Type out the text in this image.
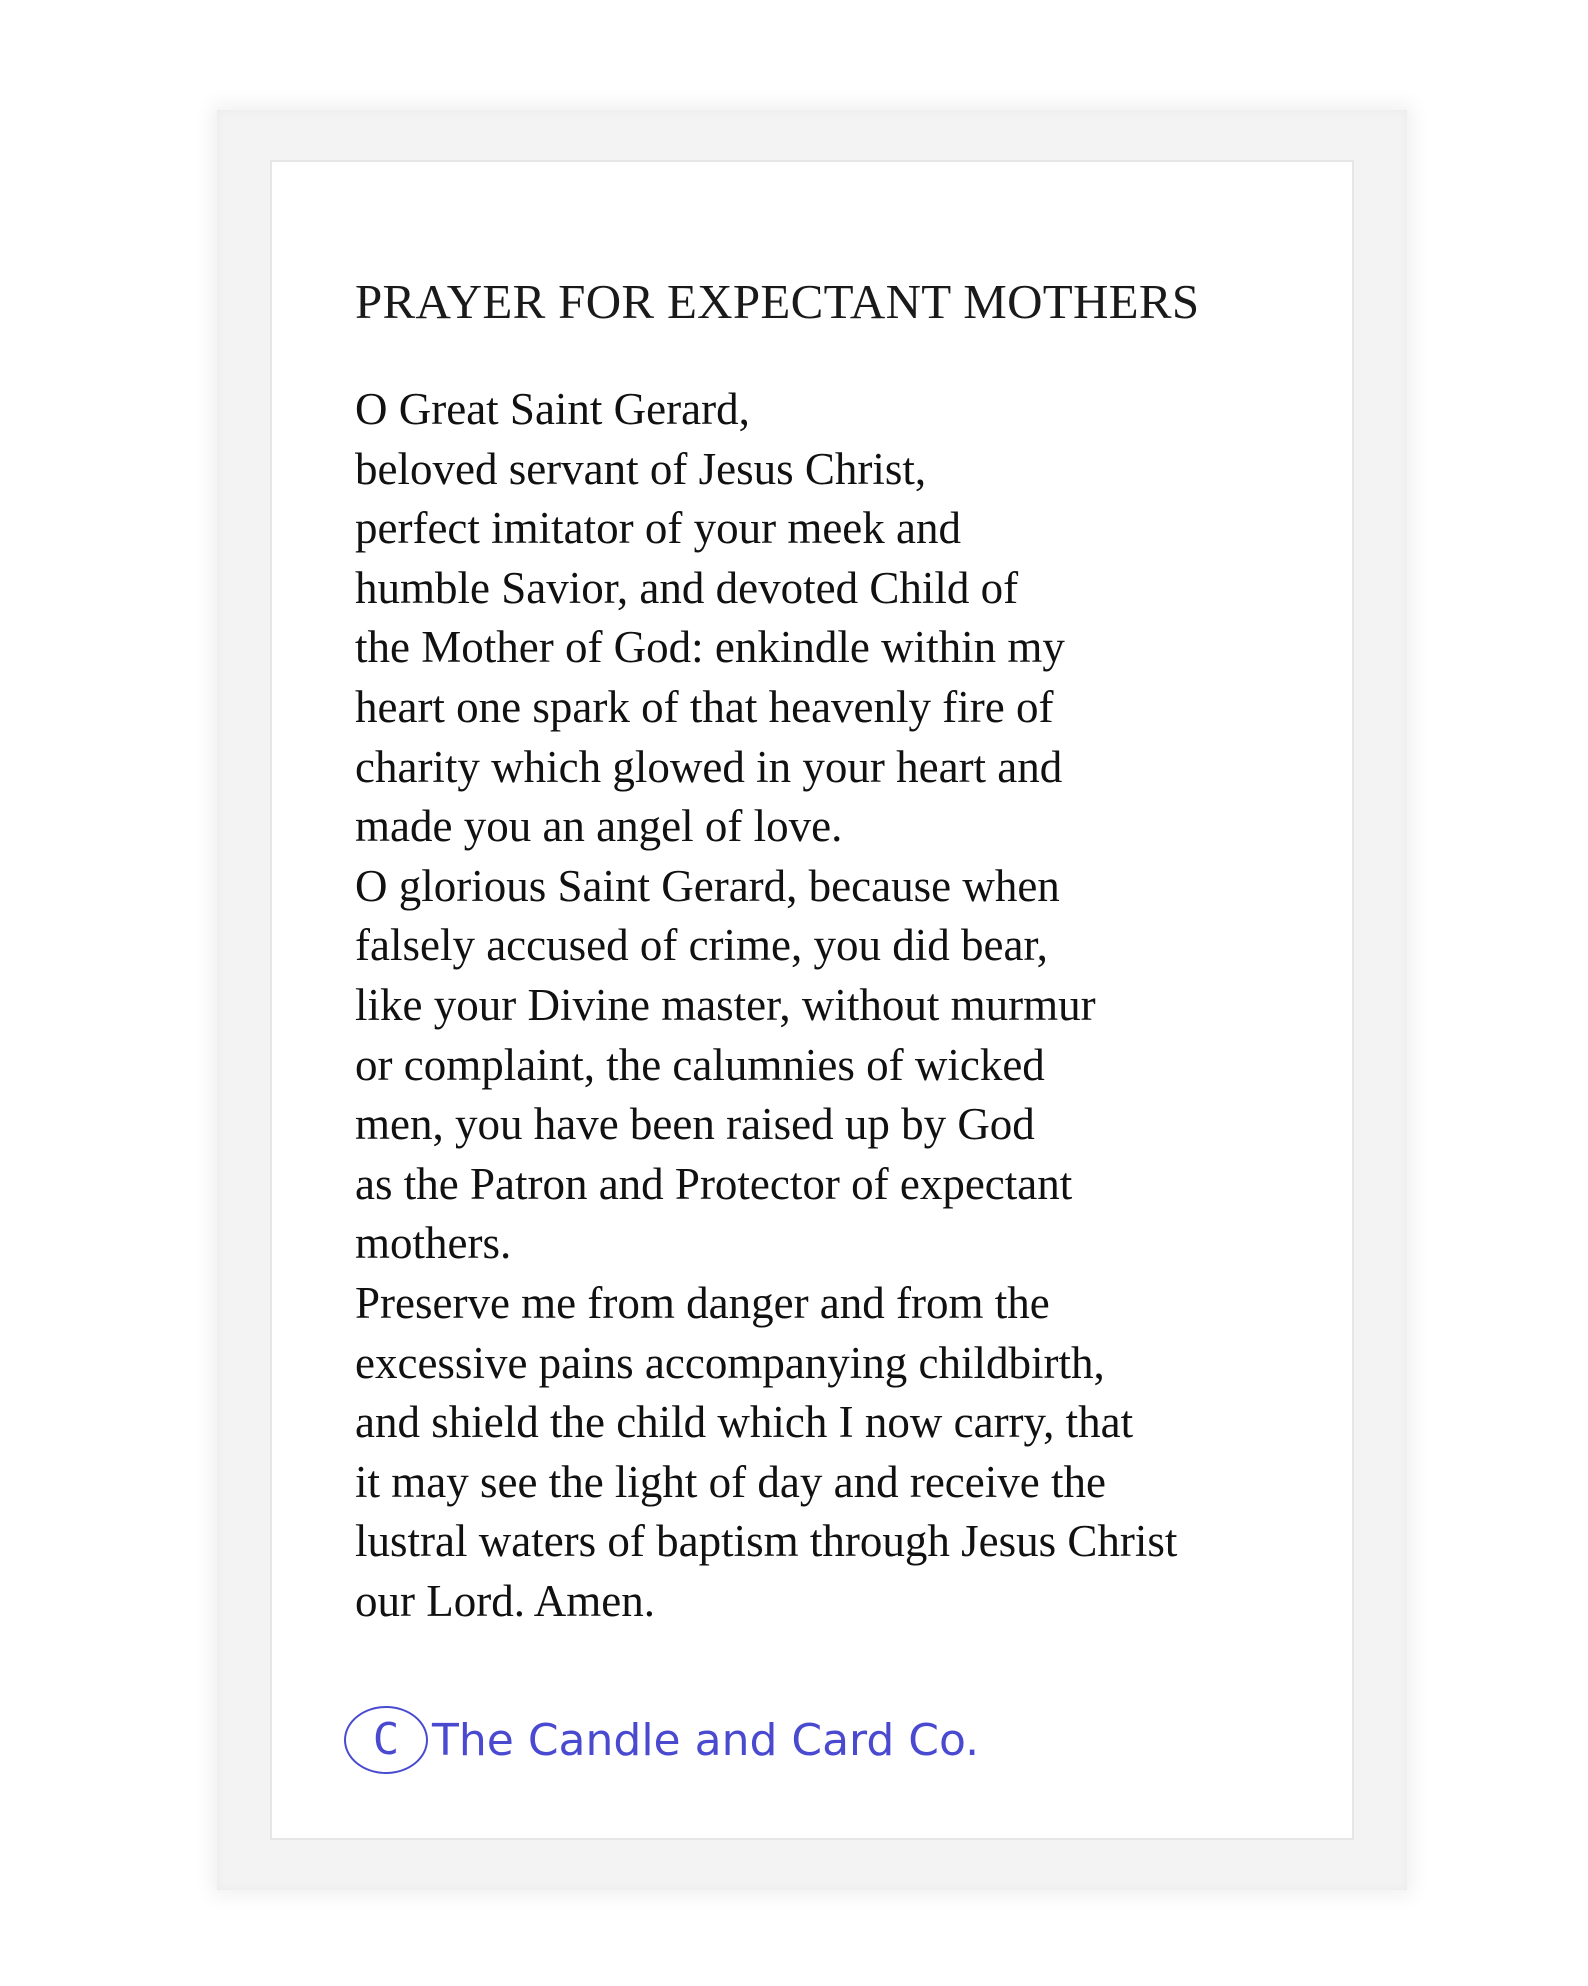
PRAYER FOR EXPECTANT MOTHERS
O Great Saint Gerard,
beloved servant of Jesus Christ,
perfect imitator of your meek and
humble Savior, and devoted Child of
the Mother of God: enkindle within my
heart one spark of that heavenly fire of
charity which glowed in your heart and
made you an angel of love.
O glorious Saint Gerard, because when
falsely accused of crime, you did bear,
like your Divine master, without murmur
or complaint, the calumnies of wicked
men, you have been raised up by God
as the Patron and Protector of expectant
mothers.
Preserve me from danger and from the
excessive pains accompanying childbirth,
and shield the child which I now carry, that
it may see the light of day and receive the
lustral waters of baptism through Jesus Christ
our Lord. Amen.
C The Candle and Card Co.
